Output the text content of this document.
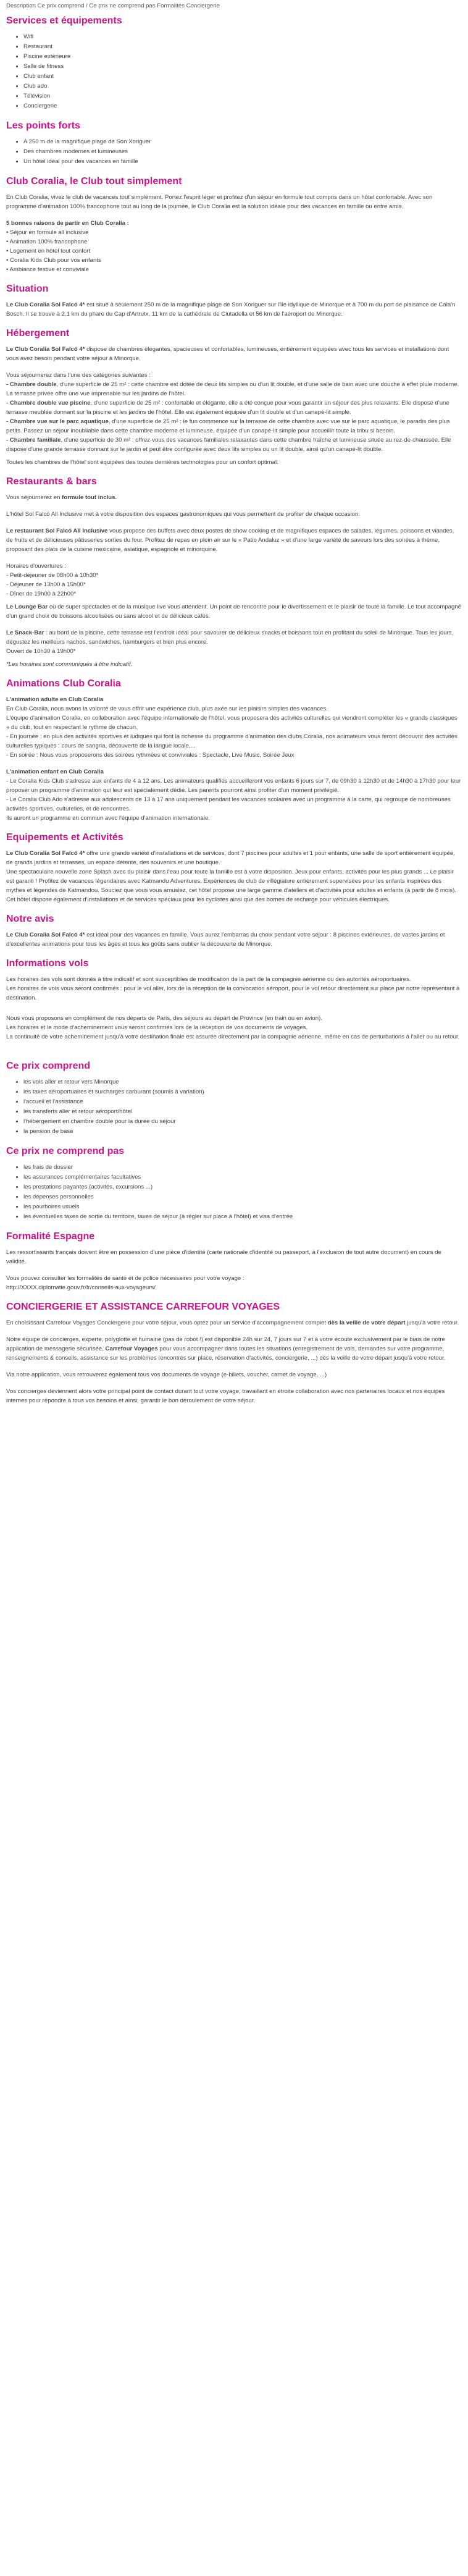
Description Ce prix comprend / Ce prix ne comprend pas Formalités Conciergerie
Services et équipements
• Wifi
• Restaurant
• Piscine extérieure
• Salle de fitness
• Club enfant
• Club ado
• Télévision
• Conciergerie
Les points forts
• A 250 m de la magnifique plage de Son Xoriguer
• Des chambres modernes et lumineuses
• Un hôtel idéal pour des vacances en famille
Club Coralia, le Club tout simplement

En Club Coralia, vivez le club de vacances tout simplement. Portez l'esprit léger et profitez d'un séjour en formule tout compris dans un hôtel confortable. Avec son programme d'animation 100% francophone tout au long de la journée, le Club Coralia est la solution idéale pour des vacances en famille ou entre amis.

5 bonnes raisons de partir en Club Coralia :
• Séjour en formule all inclusive
• Animation 100% francophone
• Logement en hôtel tout confort
• Coralia Kids Club pour vos enfants
• Ambiance festive et conviviale
Situation

Le Club Coralia Sol Falcó 4* est situé à seulement 250 m de la magnifique plage de Son Xoriguer sur l'île idyllique de Minorque et à 700 m du port de plaisance de Cala'n Bosch. Il se trouve à 2,1 km du phare du Cap d'Artrutx, 11 km de la cathédrale de Ciutadella et 56 km de l'aéroport de Minorque.

Hébergement

Le Club Coralia Sol Falcó 4* dispose de chambres élégantes, spacieuses et confortables, lumineuses, entièrement équipées avec tous les services et installations dont vous avez besoin pendant votre séjour à Minorque.

Vous séjournerez dans l'une des catégories suivantes :
- Chambre double, d'une superficie de 25 m² : cette chambre est dotée de deux lits simples ou d'un lit double, et d'une salle de bain avec une douche à effet pluie moderne. La terrasse privée offre une vue imprenable sur les jardins de l'hôtel.
- Chambre double vue piscine, d'une superficie de 25 m² : confortable et élégante, elle a été conçue pour vous garantir un séjour des plus relaxants. Elle dispose d'une terrasse meublée donnant sur la piscine et les jardins de l'hôtel. Elle est également équipée d'un lit double et d'un canapé-lit simple.
- Chambre vue sur le parc aquatique, d'une superficie de 25 m² : le fun commence sur la terrasse de cette chambre avec vue sur le parc aquatique, le paradis des plus petits. Passez un séjour inoubliable dans cette chambre moderne et lumineuse, équipée d'un canapé-lit simple pour accueillir toute la tribu si besoin.
- Chambre familiale, d'une superficie de 30 m² : offrez-vous des vacances familiales relaxantes dans cette chambre fraîche et lumineuse située au rez-de-chaussée. Elle dispose d'une grande terrasse donnant sur le jardin et peut être configurée avec deux lits simples ou un lit double, ainsi qu'un canapé-lit double.

Toutes les chambres de l'hôtel sont équipées des toutes dernières technologies pour un confort optimal.

Restaurants & bars

Vous séjournerez en formule tout inclus.

L'hôtel Sol Falcó All Inclusive met à votre disposition des espaces gastronomiques qui vous permettent de profiter de chaque occasion.

Le restaurant Sol Falcó All Inclusive vous propose des buffets avec deux postes de show cooking et de magnifiques espaces de salades, légumes, poissons et viandes, de fruits et de délicieuses pâtisseries sorties du four. Profitez de repas en plein air sur le « Patio Andaluz » et d'une large variété de saveurs lors des soirées à thème, proposant des plats de la cuisine mexicaine, asiatique, espagnole et minorquine.

Horaires d'ouvertures :
- Petit-déjeuner de 08h00 à 10h30*
- Déjeuner de 13h00 à 15h00*
- Dîner de 19h00 à 22h00*

Le Lounge Bar où de super spectacles et de la musique live vous attendent. Un point de rencontre pour le divertissement et le plaisir de toute la famille. Le tout accompagné d'un grand choix de boissons alcoolisées ou sans alcool et de délicieux cafés.

Le Snack-Bar : au bord de la piscine, cette terrasse est l'endroit idéal pour savourer de délicieux snacks et boissons tout en profitant du soleil de Minorque. Tous les jours, dégustez les meilleurs nachos, sandwiches, hamburgers et bien plus encore.
Ouvert de 10h30 à 19h00*

*Les horaires sont communiqués à titre indicatif.

Animations Club Coralia
L'animation adulte en Club Coralia
En Club Coralia, nous avons la volonté de vous offrir une expérience club, plus axée sur les plaisirs simples des vacances.
L'équipe d'animation Coralia, en collaboration avec l'équipe internationale de l'hôtel, vous proposera des activités culturelles qui viendront compléter les « grands classiques » du club, tout en respectant le rythme de chacun.
- En journée : en plus des activités sportives et ludiques qui font la richesse du programme d'animation des clubs Coralia, nos animateurs vous feront découvrir des activités culturelles typiques : cours de sangria, découverte de la langue locale,...
- En soirée : Nous vous proposerons des soirées rythmées et conviviales : Spectacle, Live Music, Soirée Jeux
L'animation enfant en Club Coralia
- Le Coralia Kids Club s'adresse aux enfants de 4 à 12 ans. Les animateurs qualifiés accueilleront vos enfants 6 jours sur 7, de 09h30 à 12h30 et de 14h30 à 17h30 pour leur proposer un programme d'animation qui leur est spécialement dédié. Les parents pourront ainsi profiter d'un moment privilégié.
- Le Coralia Club Ado s'adresse aux adolescents de 13 à 17 ans uniquement pendant les vacances scolaires avec un programme à la carte, qui regroupe de nombreuses activités sportives, culturelles, et de rencontres.
Ils auront un programme en commun avec l'équipe d'animation internationale.
Equipements et Activités
Le Club Coralia Sol Falcó 4* offre une grande variété d'installations et de services, dont 7 piscines pour adultes et 1 pour enfants, une salle de sport entièrement équipée, de grands jardins et terrasses, un espace détente, des souvenirs et une boutique.
Une spectaculaire nouvelle zone Splash avec du plaisir dans l'eau pour toute la famille est à votre disposition. Jeux pour enfants, activités pour les plus grands ... Le plaisir est garanti ! Profitez de vacances légendaires avec Katmandu Adventures. Expériences de club de villégiature entièrement supervisées pour les enfants inspirées des mythes et légendes de Katmandou. Souciez que vous vous amusiez, cet hôtel propose une large gamme d'ateliers et d'activités pour adultes et enfants (à partir de 8 mois).
Cet hôtel dispose également d'installations et de services spéciaux pour les cyclistes ainsi que des bornes de recharge pour véhicules électriques.
Notre avis

Le Club Coralia Sol Falcó 4* est idéal pour des vacances en famille. Vous aurez l'embarras du choix pendant votre séjour : 8 piscines extérieures, de vastes jardins et d'excellentes animations pour tous les âges et tous les goûts sans oublier la découverte de Minorque.

Informations vols
Les horaires des vols sont donnés à titre indicatif et sont susceptibles de modification de la part de la compagnie aérienne ou des autorités aéroportuaires.
Les horaires de vols vous seront confirmés : pour le vol aller, lors de la réception de la convocation aéroport, pour le vol retour directement sur place par notre représentant à destination.
Nous vous proposons en complément de nos départs de Paris, des séjours au départ de Province (en train ou en avion).
Les horaires et le mode d'acheminement vous seront confirmés lors de la réception de vos documents de voyages.
La continuité de votre acheminement jusqu'à votre destination finale est assurée directement par la compagnie aérienne, même en cas de perturbations à l'aller ou au retour.
Ce prix comprend
• les vols aller et retour vers Minorque
• les taxes aéroportuaires et surcharges carburant (soumis à variation)
• l'accueil et l'assistance
• les transferts aller et retour aéroport/hôtel
• l'hébergement en chambre double pour la durée du séjour
• la pension de base
Ce prix ne comprend pas
• les frais de dossier
• les assurances complémentaires facultatives
• les prestations payantes (activités, excursions ...)
• les dépenses personnelles
• les pourboires usuels
• les éventuelles taxes de sortie du territoire, taxes de séjour (à régler sur place à l'hôtel) et visa d'entrée
Formalité Espagne

Les ressortissants français doivent être en possession d'une pièce d'identité (carte nationale d'identité ou passeport, à l'exclusion de tout autre document) en cours de validité.

Vous pouvez consulter les formalités de santé et de police nécessaires pour votre voyage :
http://XXXX.diplomatie.gouv.fr/fr/conseils-aux-voyageurs/
CONCIERGERIE ET ASSISTANCE CARREFOUR VOYAGES

En choisissant Carrefour Voyages Conciergerie pour votre séjour, vous optez pour un service d'accompagnement complet dès la veille de votre départ jusqu'à votre retour.

Notre équipe de concierges, experte, polyglotte et humaine (pas de robot !) est disponible 24h sur 24, 7 jours sur 7 et à votre écoute exclusivement par le biais de notre application de messagerie sécurisée, Carrefour Voyages pour vous accompagner dans toutes les situations (enregistrement de vols, demandes sur votre programme, renseignements & conseils, assistance sur les problèmes rencontrés sur place, réservation d'activités, conciergerie, ...) dès la veille de votre départ jusqu'à votre retour.

Via notre application, vous retrouverez également tous vos documents de voyage (e-billets, voucher, carnet de voyage, ...)

Vos concierges deviennent alors votre principal point de contact durant tout votre voyage, travaillant en étroite collaboration avec nos partenaires locaux et nos équipes internes pour répondre à tous vos besoins et ainsi, garantir le bon déroulement de votre séjour.
